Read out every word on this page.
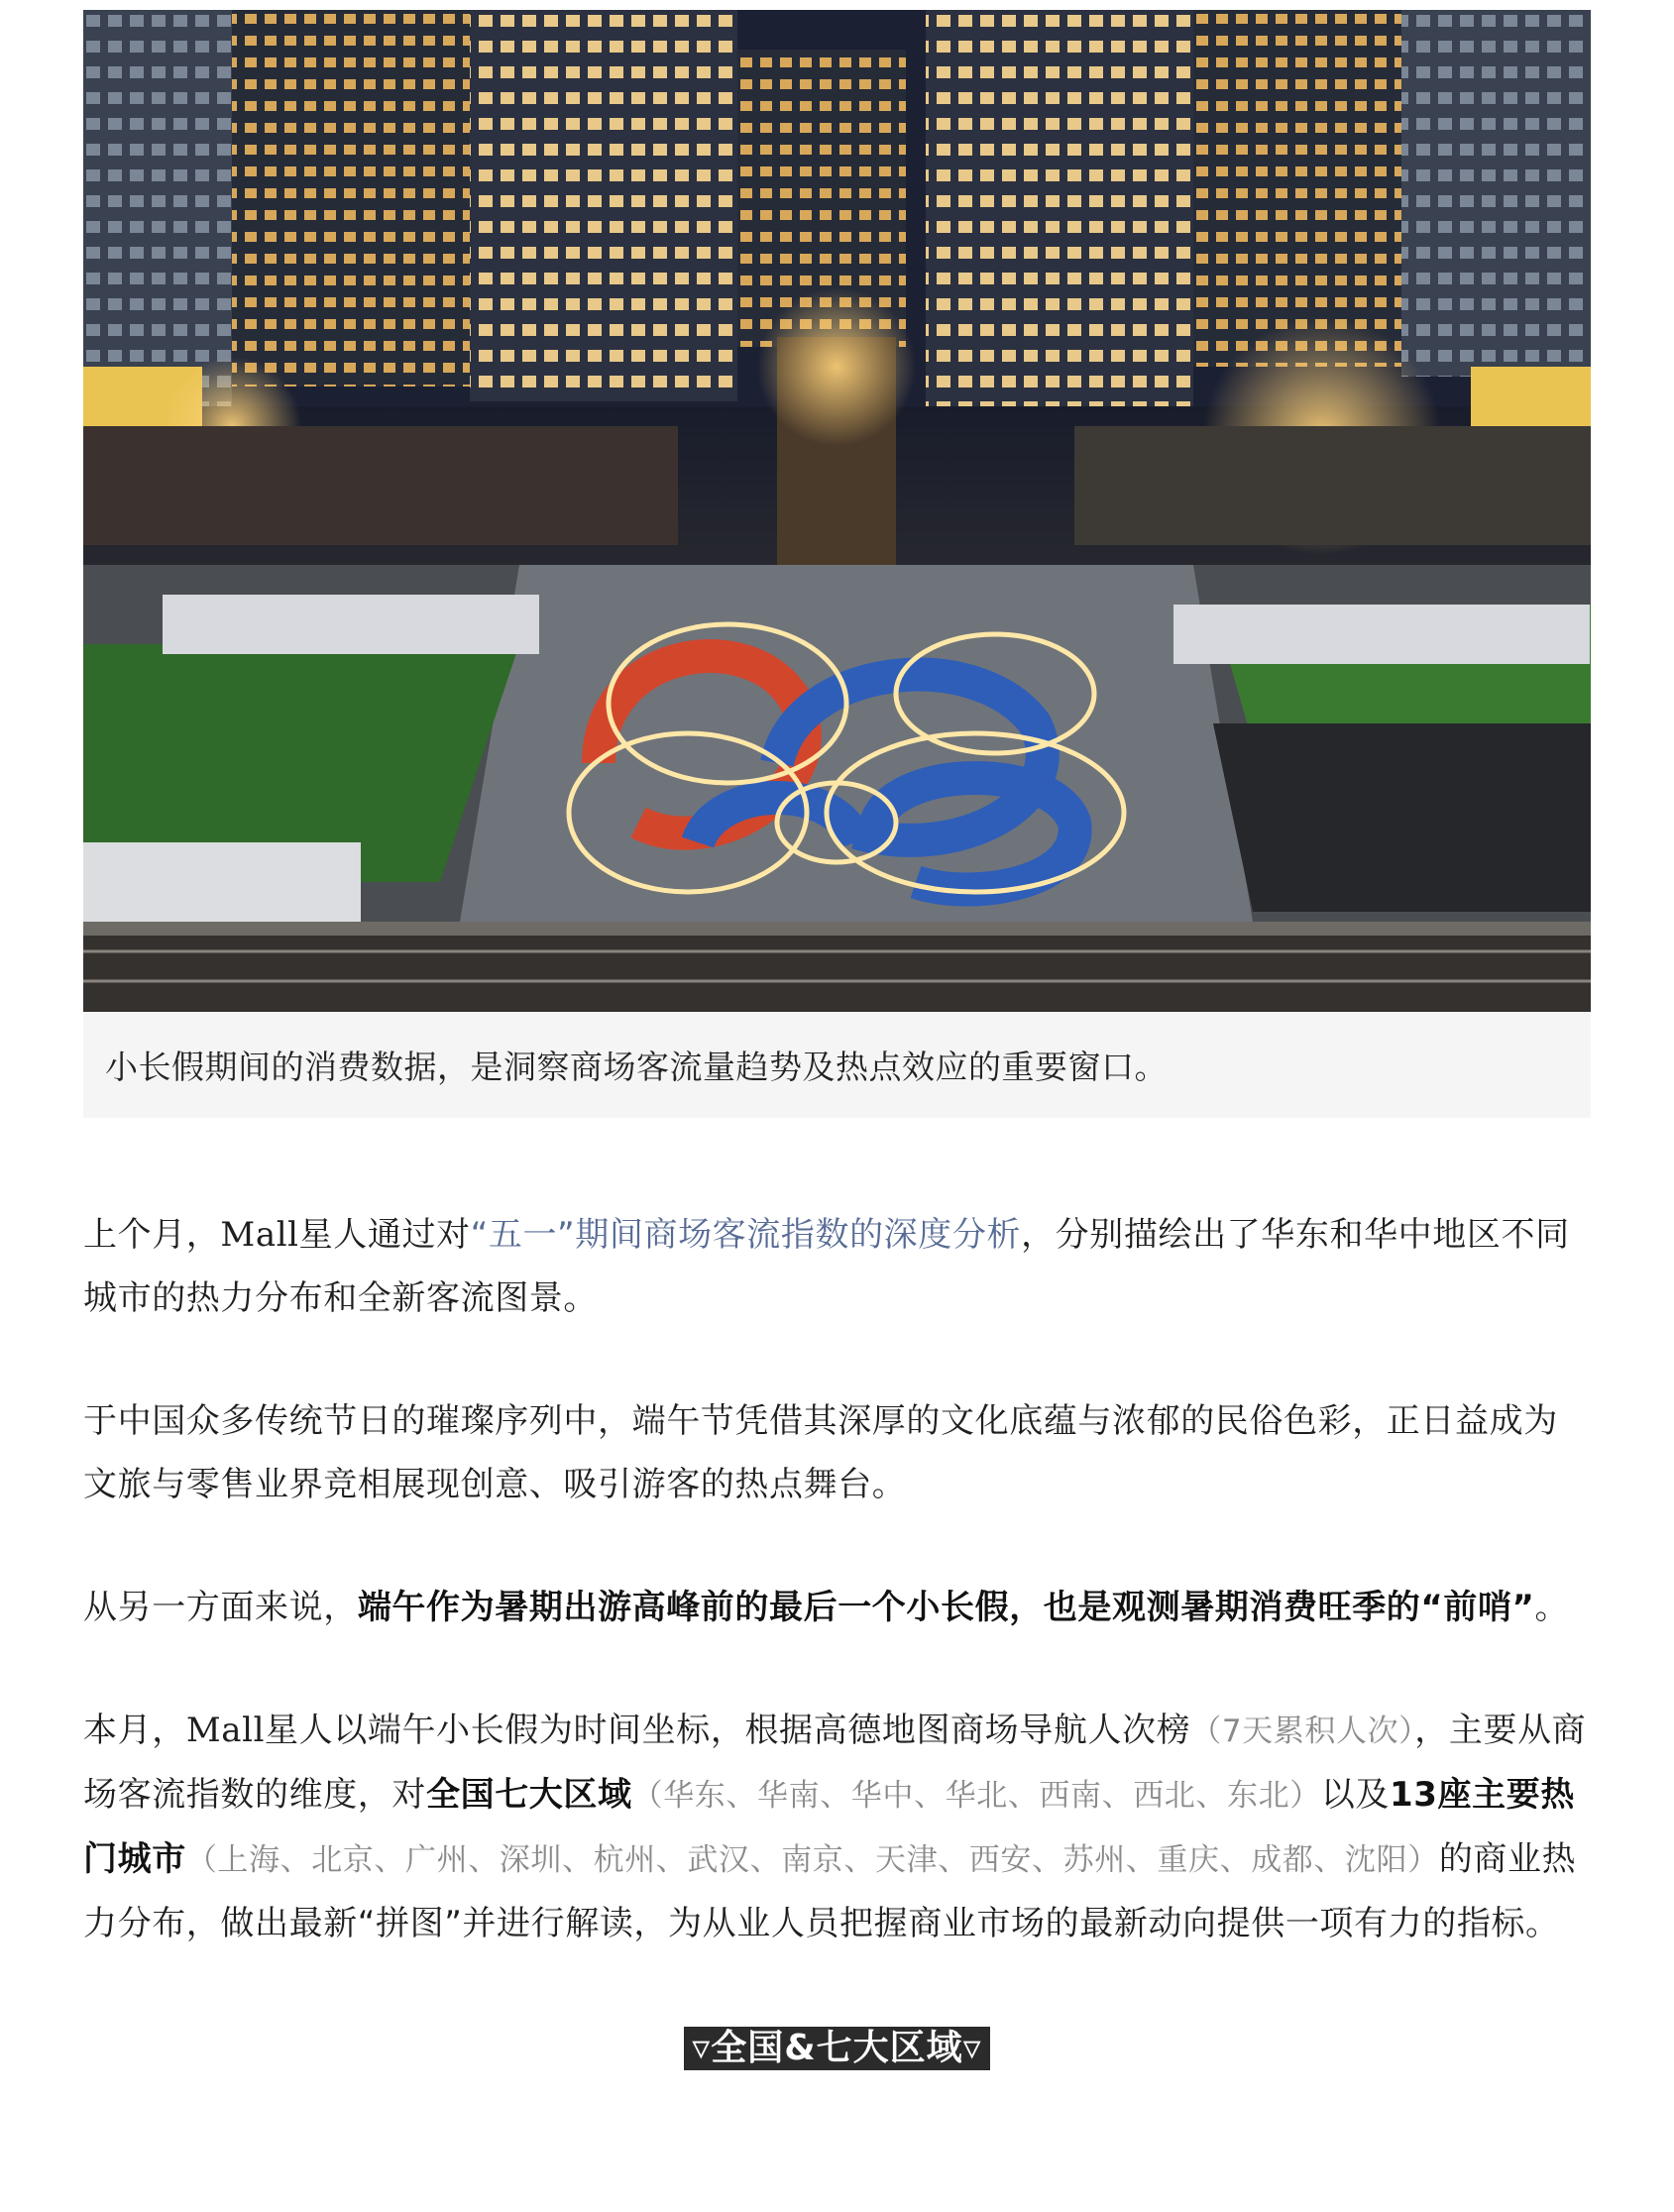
小长假期间的消费数据，是洞察商场客流量趋势及热点效应的重要窗口。

上个月，Mall星人通过对“五一”期间商场客流指数的深度分析，分别描绘出了华东和华中地区不同城市的热力分布和全新客流图景。

于中国众多传统节日的璀璨序列中，端午节凭借其深厚的文化底蕴与浓郁的民俗色彩，正日益成为文旅与零售业界竞相展现创意、吸引游客的热点舞台。

从另一方面来说，端午作为暑期出游高峰前的最后一个小长假，也是观测暑期消费旺季的“前哨”。

本月，Mall星人以端午小长假为时间坐标，根据高德地图商场导航人次榜（7天累积人次），主要从商场客流指数的维度，对全国七大区域（华东、华南、华中、华北、西南、西北、东北）以及13座主要热门城市（上海、北京、广州、深圳、杭州、武汉、南京、天津、西安、苏州、重庆、成都、沈阳）的商业热力分布，做出最新“拼图”并进行解读，为从业人员把握商业市场的最新动向提供一项有力的指标。

▿全国&七大区域▿
